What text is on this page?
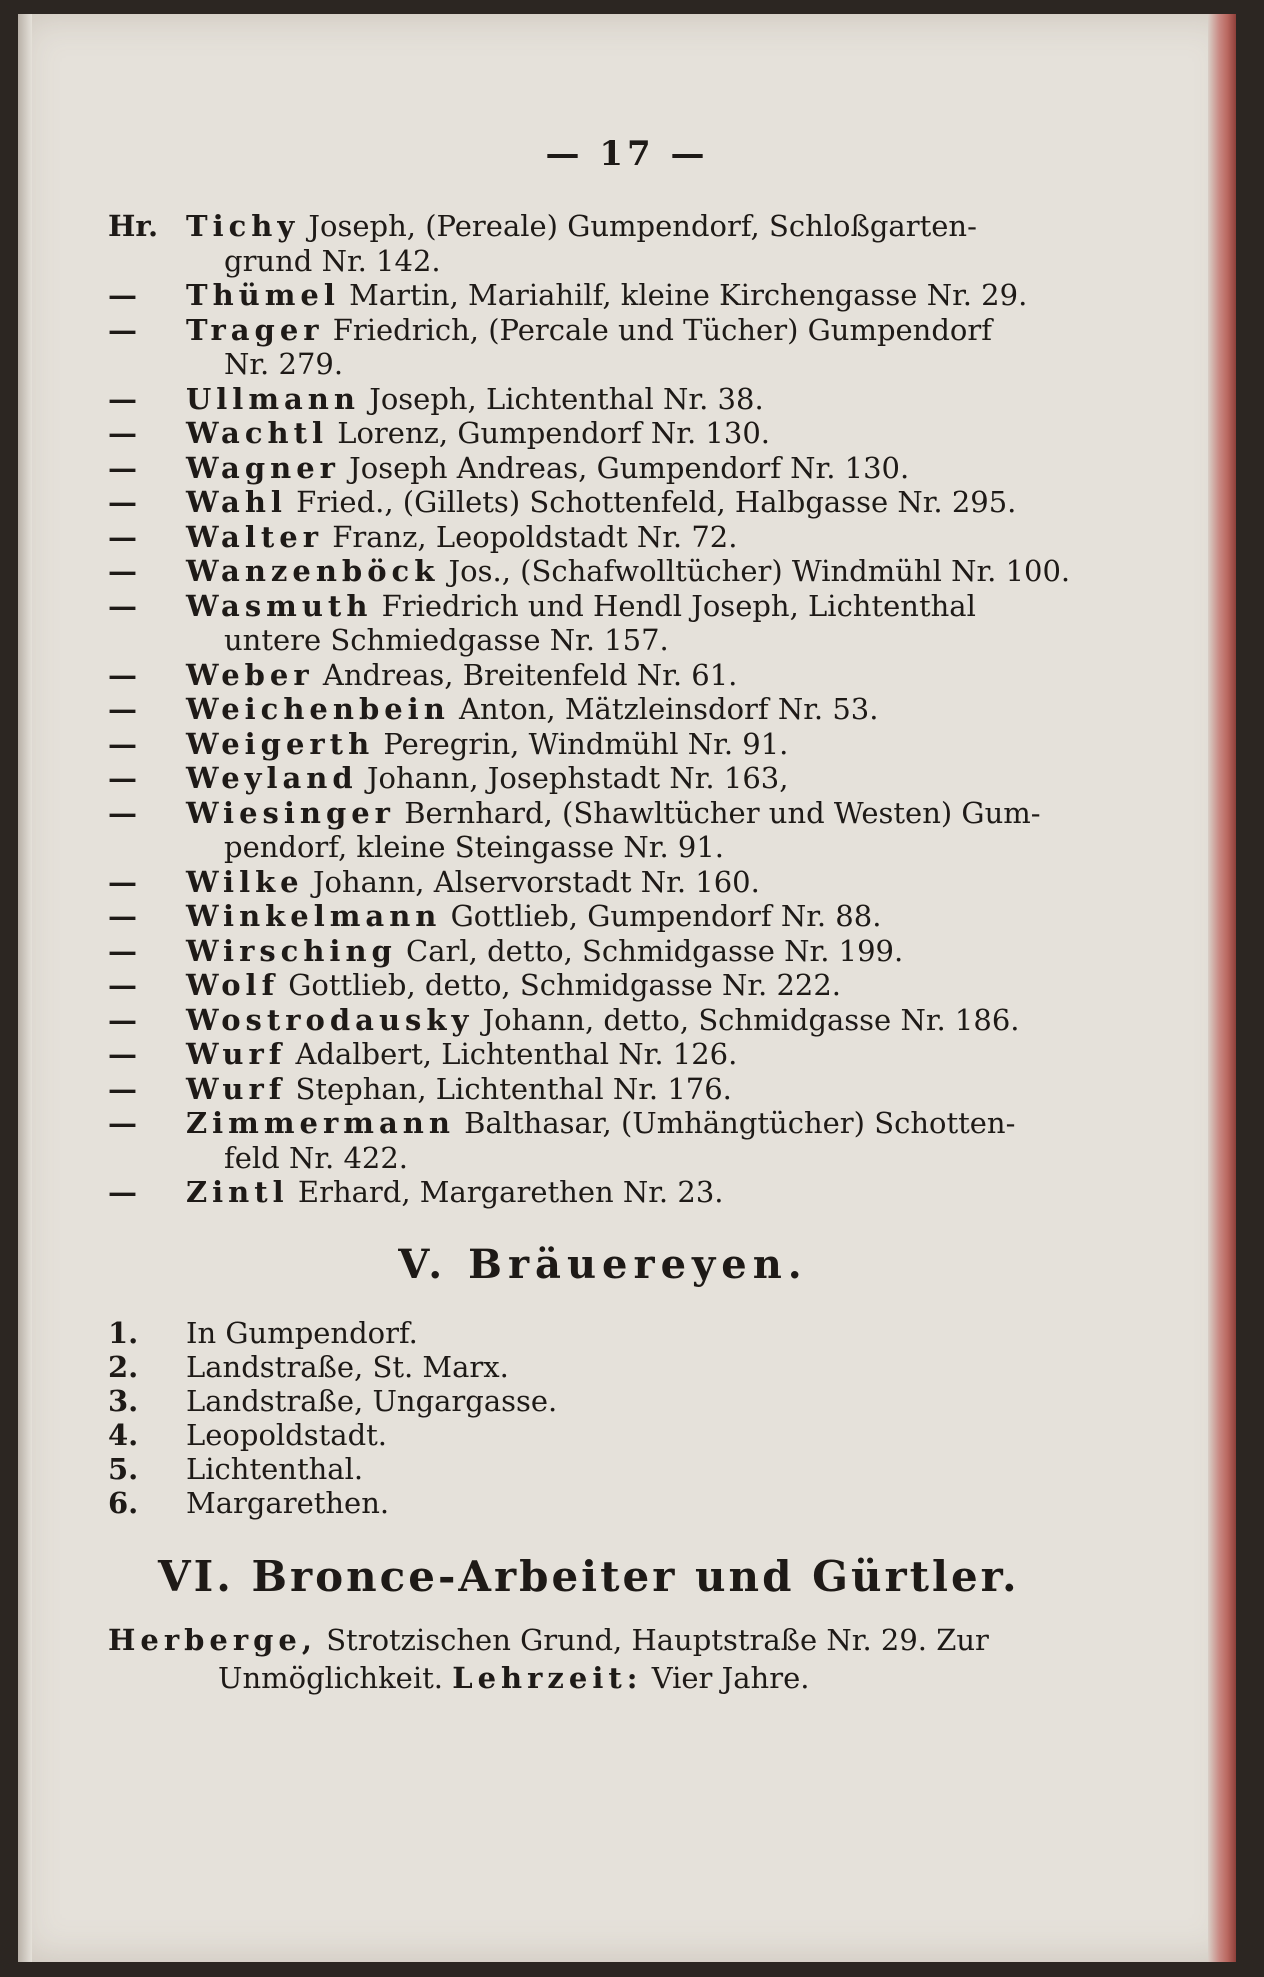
— 17 —

Hr. Tichy Joseph, (Pereale) Gumpendorf, Schloßgarten-
grund Nr. 142.

—	Thümel Martin, Mariahilf, kleine Kirchengasse Nr. 29.

—	Trager Friedrich, (Percale und Tücher) Gumpendorf
Nr. 279.

—	Ullmann Joseph, Lichtenthal Nr. 38.

—	Wachtl Lorenz, Gumpendorf Nr. 130.

—	Wagner Joseph Andreas, Gumpendorf Nr. 130.

—	Wahl Fried., (Gillets) Schottenfeld, Halbgasse Nr. 295.

—	Walter Franz, Leopoldstadt Nr. 72.

—	Wanzenböck Jos., (Schafwolltücher) Windmühl Nr. 100.

—	Wasmuth Friedrich und Hendl Joseph, Lichtenthal
untere Schmiedgasse Nr. 157.

—	Weber Andreas, Breitenfeld Nr. 61.

—	Weichenbein Anton, Mätzleinsdorf Nr. 53.

—	Weigerth Peregrin, Windmühl Nr. 91.

—	Weyland Johann, Josephstadt Nr. 163,

—	Wiesinger Bernhard, (Shawltücher und Westen) Gum-
pendorf, kleine Steingasse Nr. 91.

—	Wilke Johann, Alservorstadt Nr. 160.

—	Winkelmann Gottlieb, Gumpendorf Nr. 88.

—	Wirsching Carl, detto, Schmidgasse Nr. 199.

—	Wolf Gottlieb, detto, Schmidgasse Nr. 222.

—	Wostrodausky Johann, detto, Schmidgasse Nr. 186.

—	Wurf Adalbert, Lichtenthal Nr. 126.

—	Wurf Stephan, Lichtenthal Nr. 176.

—	Zimmermann Balthasar, (Umhängtücher) Schotten-
feld Nr. 422.

—	Zintl Erhard, Margarethen Nr. 23.

V. Bräuereyen.
1. In Gumpendorf.
2. Landstraße, St. Marx.
3. Landstraße, Ungargasse.
4. Leopoldstadt.
5. Lichtenthal.
6. Margarethen.
VI. Bronce-Arbeiter und Gürtler.
Herberge, Strotzischen Grund, Hauptstraße Nr. 29. Zur
Unmöglichkeit. Lehrzeit: Vier Jahre.
